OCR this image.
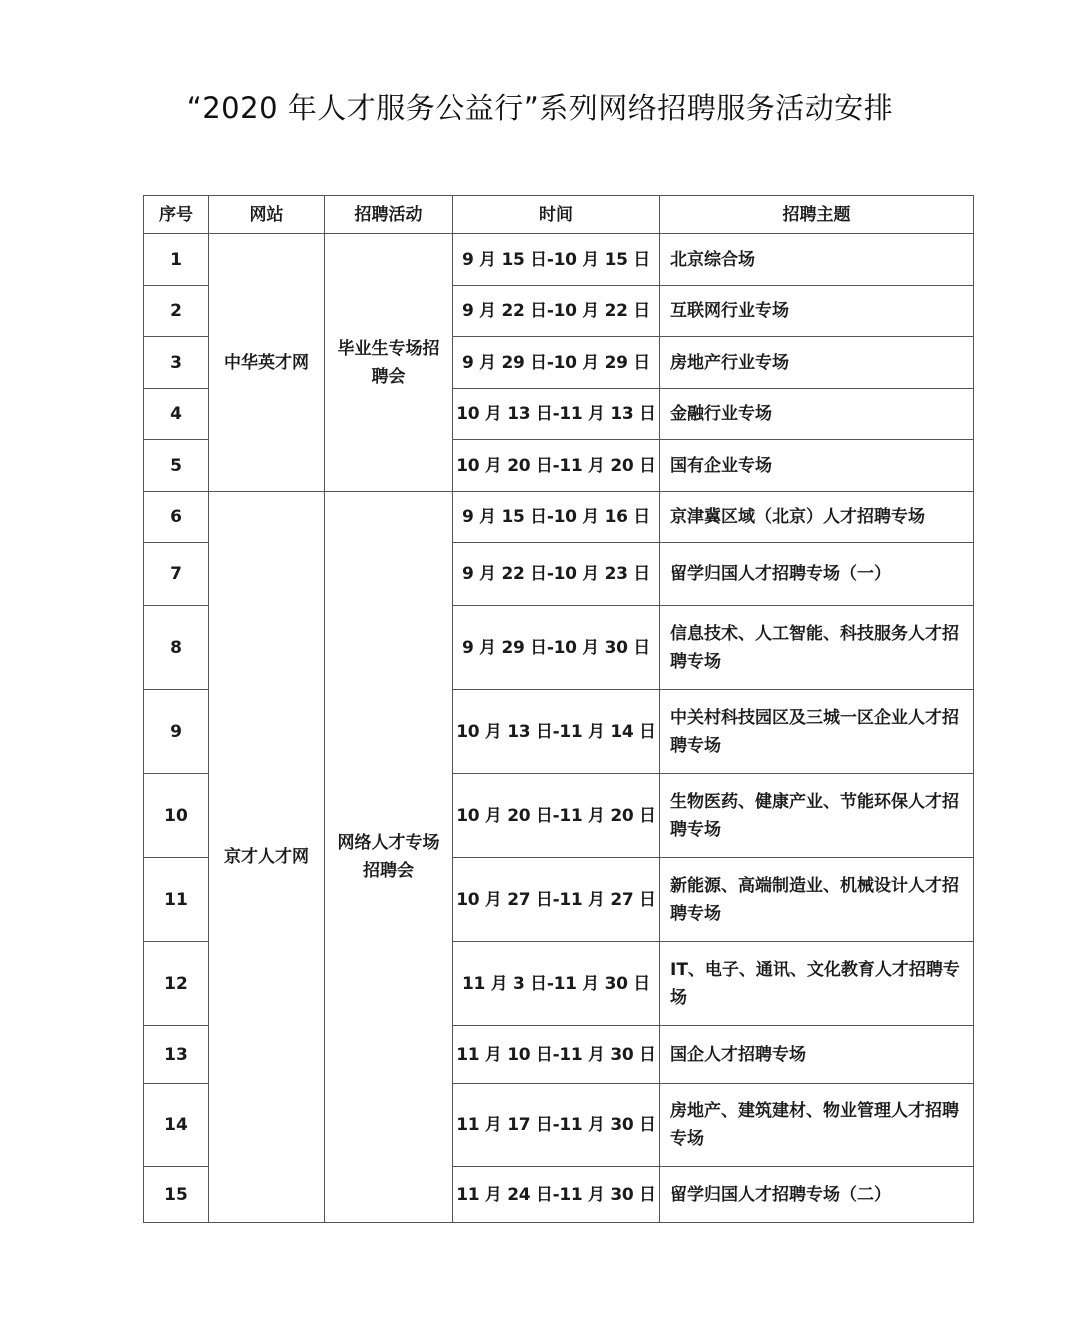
“2020 年人才服务公益行”系列网络招聘服务活动安排
序号	网站	招聘活动	时间	招聘主题
1	中华英才网	毕业生专场招聘会	9 月 15 日-10 月 15 日	北京综合场
2			9 月 22 日-10 月 22 日	互联网行业专场
3			9 月 29 日-10 月 29 日	房地产行业专场
4			10 月 13 日-11 月 13 日	金融行业专场
5			10 月 20 日-11 月 20 日	国有企业专场
6	京才人才网	网络人才专场招聘会	9 月 15 日-10 月 16 日	京津冀区域（北京）人才招聘专场
7			9 月 22 日-10 月 23 日	留学归国人才招聘专场（一）
8			9 月 29 日-10 月 30 日	信息技术、人工智能、科技服务人才招聘专场
9			10 月 13 日-11 月 14 日	中关村科技园区及三城一区企业人才招聘专场
10			10 月 20 日-11 月 20 日	生物医药、健康产业、节能环保人才招聘专场
11			10 月 27 日-11 月 27 日	新能源、高端制造业、机械设计人才招聘专场
12			11 月 3 日-11 月 30 日	IT、电子、通讯、文化教育人才招聘专场
13			11 月 10 日-11 月 30 日	国企人才招聘专场
14			11 月 17 日-11 月 30 日	房地产、建筑建材、物业管理人才招聘专场
15			11 月 24 日-11 月 30 日	留学归国人才招聘专场（二）
